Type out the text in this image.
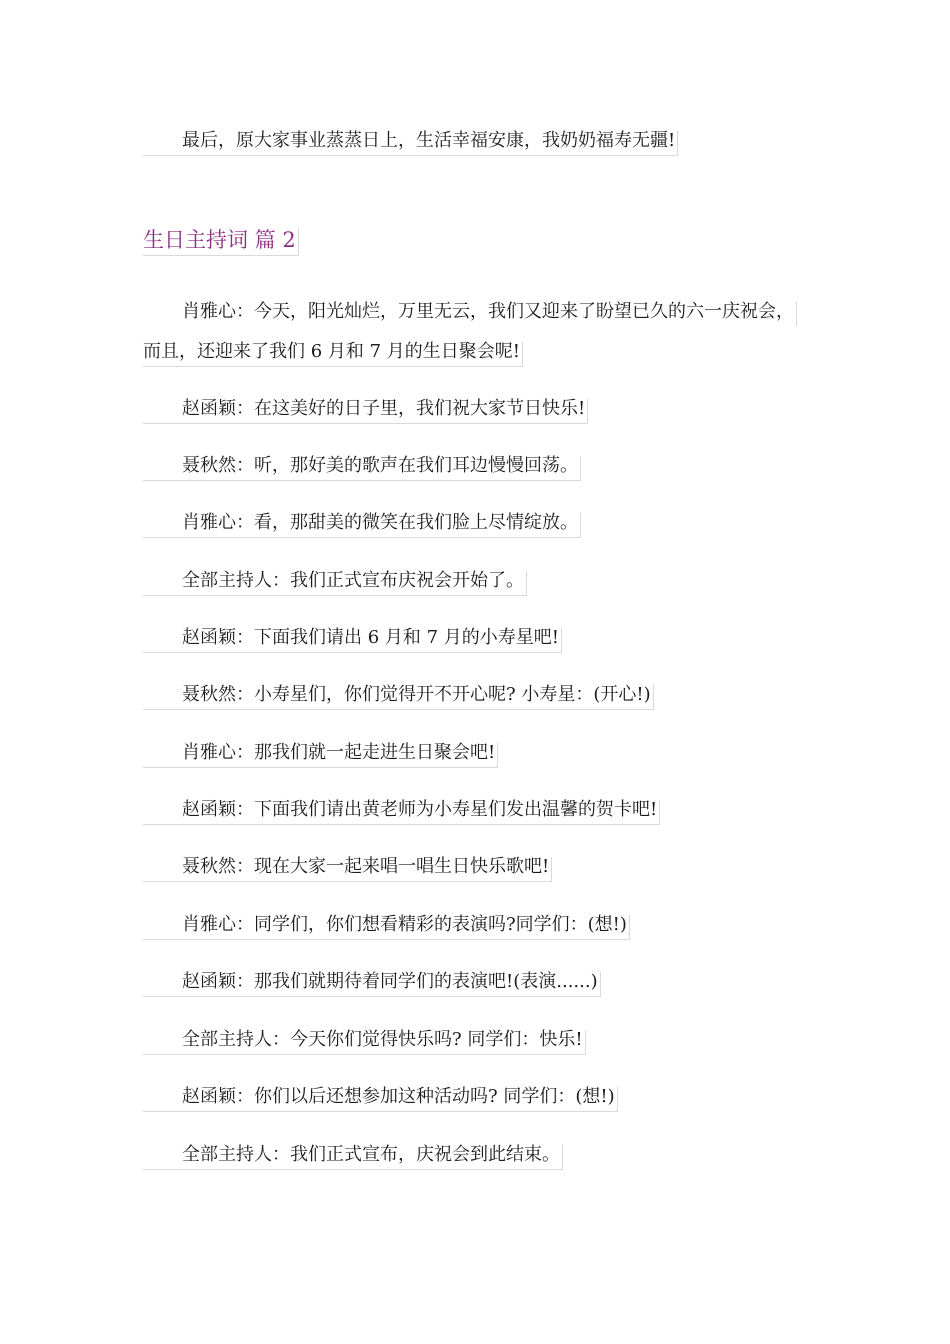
最后，原大家事业蒸蒸日上，生活幸福安康，我奶奶福寿无疆!
生日主持词 篇 2
肖雅心：今天，阳光灿烂，万里无云，我们又迎来了盼望已久的六一庆祝会，
而且，还迎来了我们 6 月和 7 月的生日聚会呢!
赵函颖：在这美好的日子里，我们祝大家节日快乐!
聂秋然：听，那好美的歌声在我们耳边慢慢回荡。
肖雅心：看，那甜美的微笑在我们脸上尽情绽放。
全部主持人：我们正式宣布庆祝会开始了。
赵函颖：下面我们请出 6 月和 7 月的小寿星吧!
聂秋然：小寿星们，你们觉得开不开心呢? 小寿星：(开心!)
肖雅心：那我们就一起走进生日聚会吧!
赵函颖：下面我们请出黄老师为小寿星们发出温馨的贺卡吧!
聂秋然：现在大家一起来唱一唱生日快乐歌吧!
肖雅心：同学们，你们想看精彩的表演吗?同学们：(想!)
赵函颖：那我们就期待着同学们的表演吧!(表演......)
全部主持人：今天你们觉得快乐吗? 同学们：快乐!
赵函颖：你们以后还想参加这种活动吗? 同学们：(想!)
全部主持人：我们正式宣布，庆祝会到此结束。
